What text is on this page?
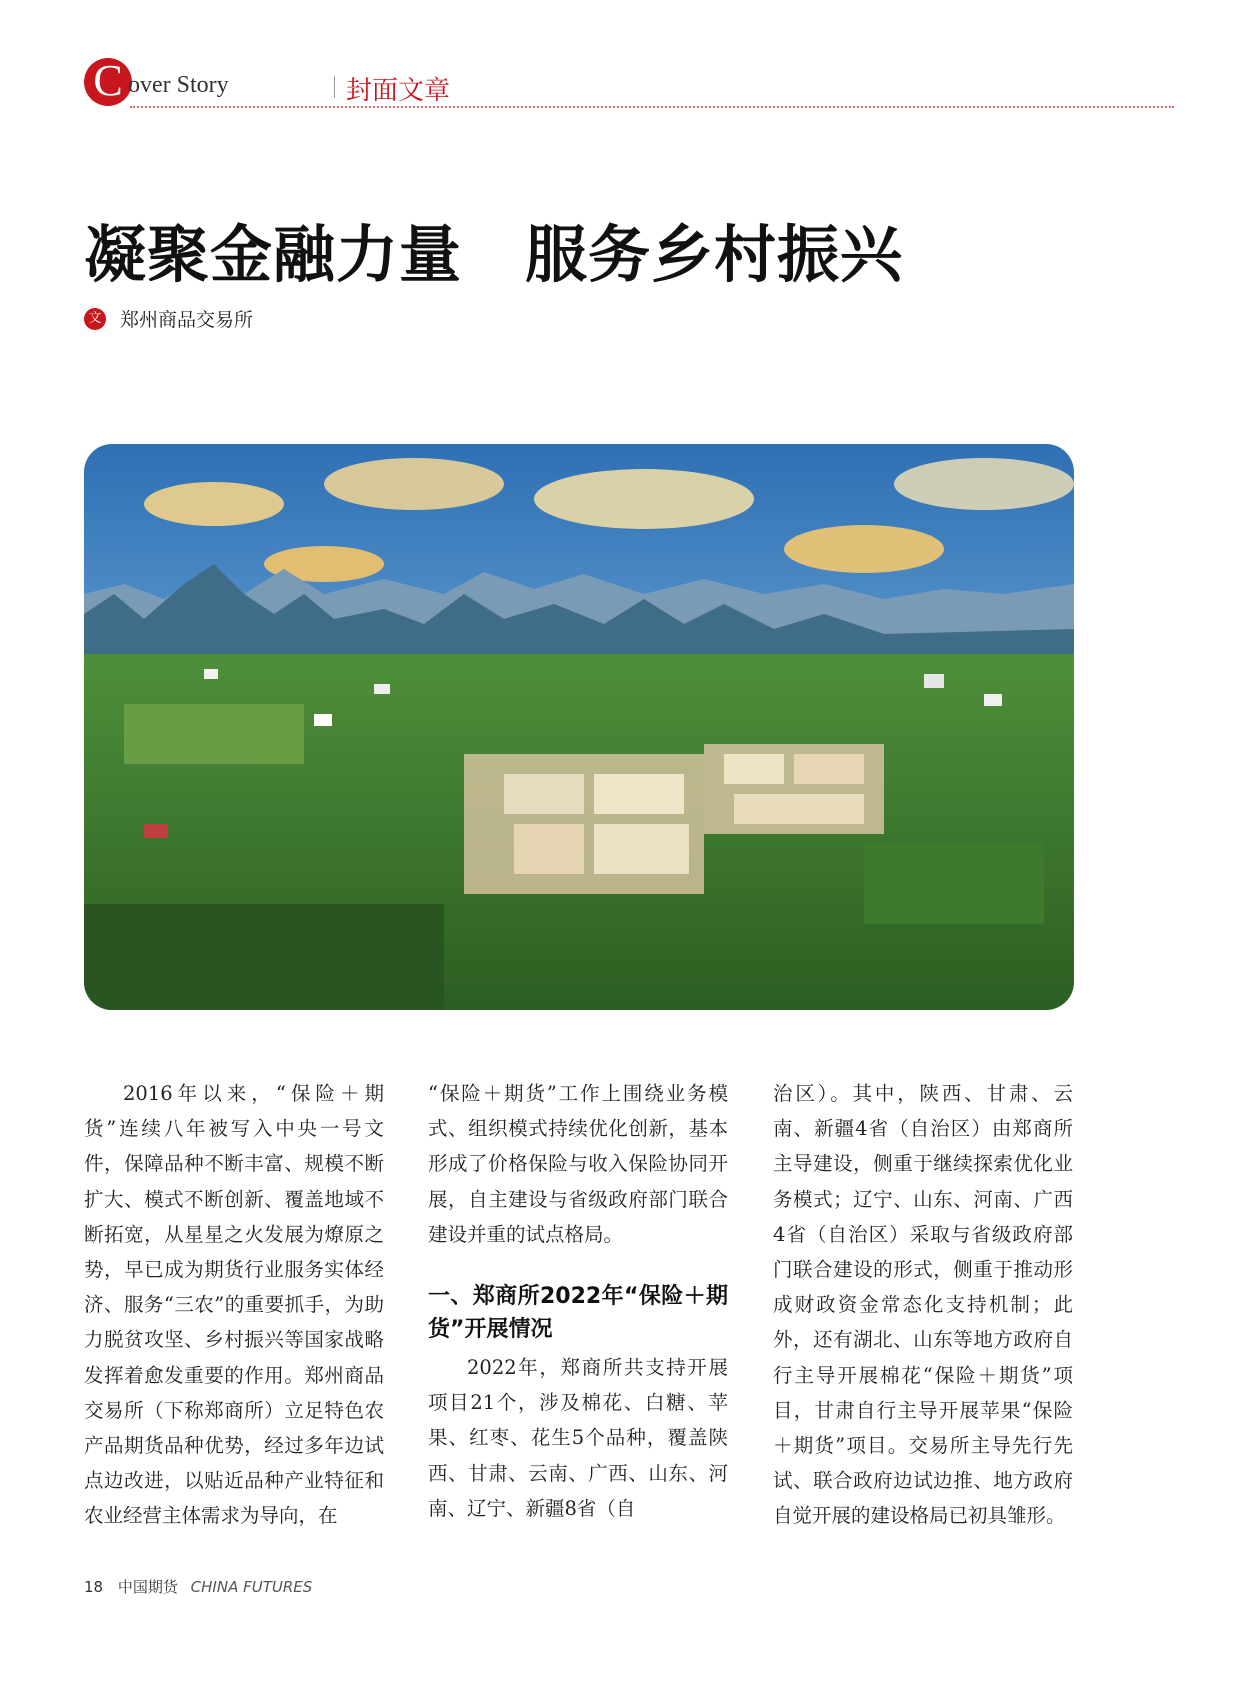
C over Story	封面文章
凝聚金融力量　服务乡村振兴
文 郑州商品交易所

2016年以来，“保险＋期货”连续八年被写入中央一号文件，保障品种不断丰富、规模不断扩大、模式不断创新、覆盖地域不断拓宽，从星星之火发展为燎原之势，早已成为期货行业服务实体经济、服务“三农”的重要抓手，为助力脱贫攻坚、乡村振兴等国家战略发挥着愈发重要的作用。郑州商品交易所（下称郑商所）立足特色农产品期货品种优势，经过多年边试点边改进，以贴近品种产业特征和农业经营主体需求为导向，在

“保险＋期货”工作上围绕业务模式、组织模式持续优化创新，基本形成了价格保险与收入保险协同开展，自主建设与省级政府部门联合建设并重的试点格局。

一、郑商所2022年“保险＋期货”开展情况

2022年，郑商所共支持开展项目21个，涉及棉花、白糖、苹果、红枣、花生5个品种，覆盖陕西、甘肃、云南、广西、山东、河南、辽宁、新疆8省（自

治区）。其中，陕西、甘肃、云南、新疆4省（自治区）由郑商所主导建设，侧重于继续探索优化业务模式；辽宁、山东、河南、广西4省（自治区）采取与省级政府部门联合建设的形式，侧重于推动形成财政资金常态化支持机制；此外，还有湖北、山东等地方政府自行主导开展棉花“保险＋期货”项目，甘肃自行主导开展苹果“保险＋期货”项目。交易所主导先行先试、联合政府边试边推、地方政府自觉开展的建设格局已初具雏形。

18 中国期货 CHINA FUTURES
